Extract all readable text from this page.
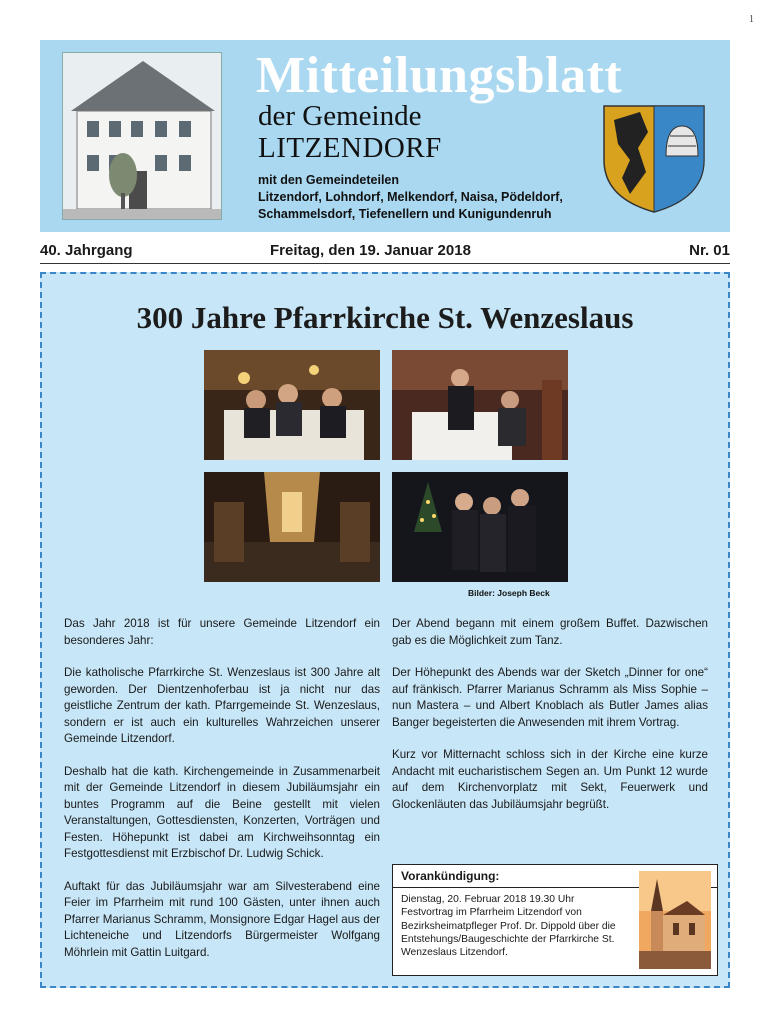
1
Mitteilungsblatt
der Gemeinde
LITZENDORF
mit den Gemeindeteilen
Litzendorf, Lohndorf, Melkendorf, Naisa, Pödeldorf,
Schammelsdorf, Tiefenellern und Kunigundenruh
40. Jahrgang	Freitag, den 19. Januar 2018	Nr. 01
300 Jahre Pfarrkirche St. Wenzeslaus
Bilder: Joseph Beck

Das Jahr 2018 ist für unsere Gemeinde Litzendorf ein besonderes Jahr:

Die katholische Pfarrkirche St. Wenzeslaus ist 300 Jahre alt geworden. Der Dientzenhoferbau ist ja nicht nur das geistliche Zentrum der kath. Pfarrgemeinde St. Wenzeslaus, sondern er ist auch ein kulturelles Wahrzeichen unserer Gemeinde Litzendorf.

Deshalb hat die kath. Kirchengemeinde in Zusammenarbeit mit der Gemeinde Litzendorf in diesem Jubiläumsjahr ein buntes Programm auf die Beine gestellt mit vielen Veranstaltungen, Gottesdiensten, Konzerten, Vorträgen und Festen. Höhepunkt ist dabei am Kirchweihsonntag ein Festgottesdienst mit Erzbischof Dr. Ludwig Schick.

Auftakt für das Jubiläumsjahr war am Silvesterabend eine Feier im Pfarrheim mit rund 100 Gästen, unter ihnen auch Pfarrer Marianus Schramm, Monsignore Edgar Hagel aus der Lichteneiche und Litzendorfs Bürgermeister Wolfgang Möhrlein mit Gattin Luitgard.

Der Abend begann mit einem großem Buffet. Dazwischen gab es die Möglichkeit zum Tanz.

Der Höhepunkt des Abends war der Sketch „Dinner for one“ auf fränkisch. Pfarrer Marianus Schramm als Miss Sophie – nun Mastera – und Albert Knoblach als Butler James alias Banger begeisterten die Anwesenden mit ihrem Vortrag.

Kurz vor Mitternacht schloss sich in der Kirche eine kurze Andacht mit eucharistischem Segen an. Um Punkt 12 wurde auf dem Kirchenvorplatz mit Sekt, Feuerwerk und Glockenläuten das Jubiläumsjahr begrüßt.

Vorankündigung:
Dienstag, 20. Februar 2018 19.30 Uhr
Festvortrag im Pfarrheim Litzendorf von Bezirksheimatpfleger Prof. Dr. Dippold über die Entstehungs/Baugeschichte der Pfarrkirche St. Wenzeslaus Litzendorf.
